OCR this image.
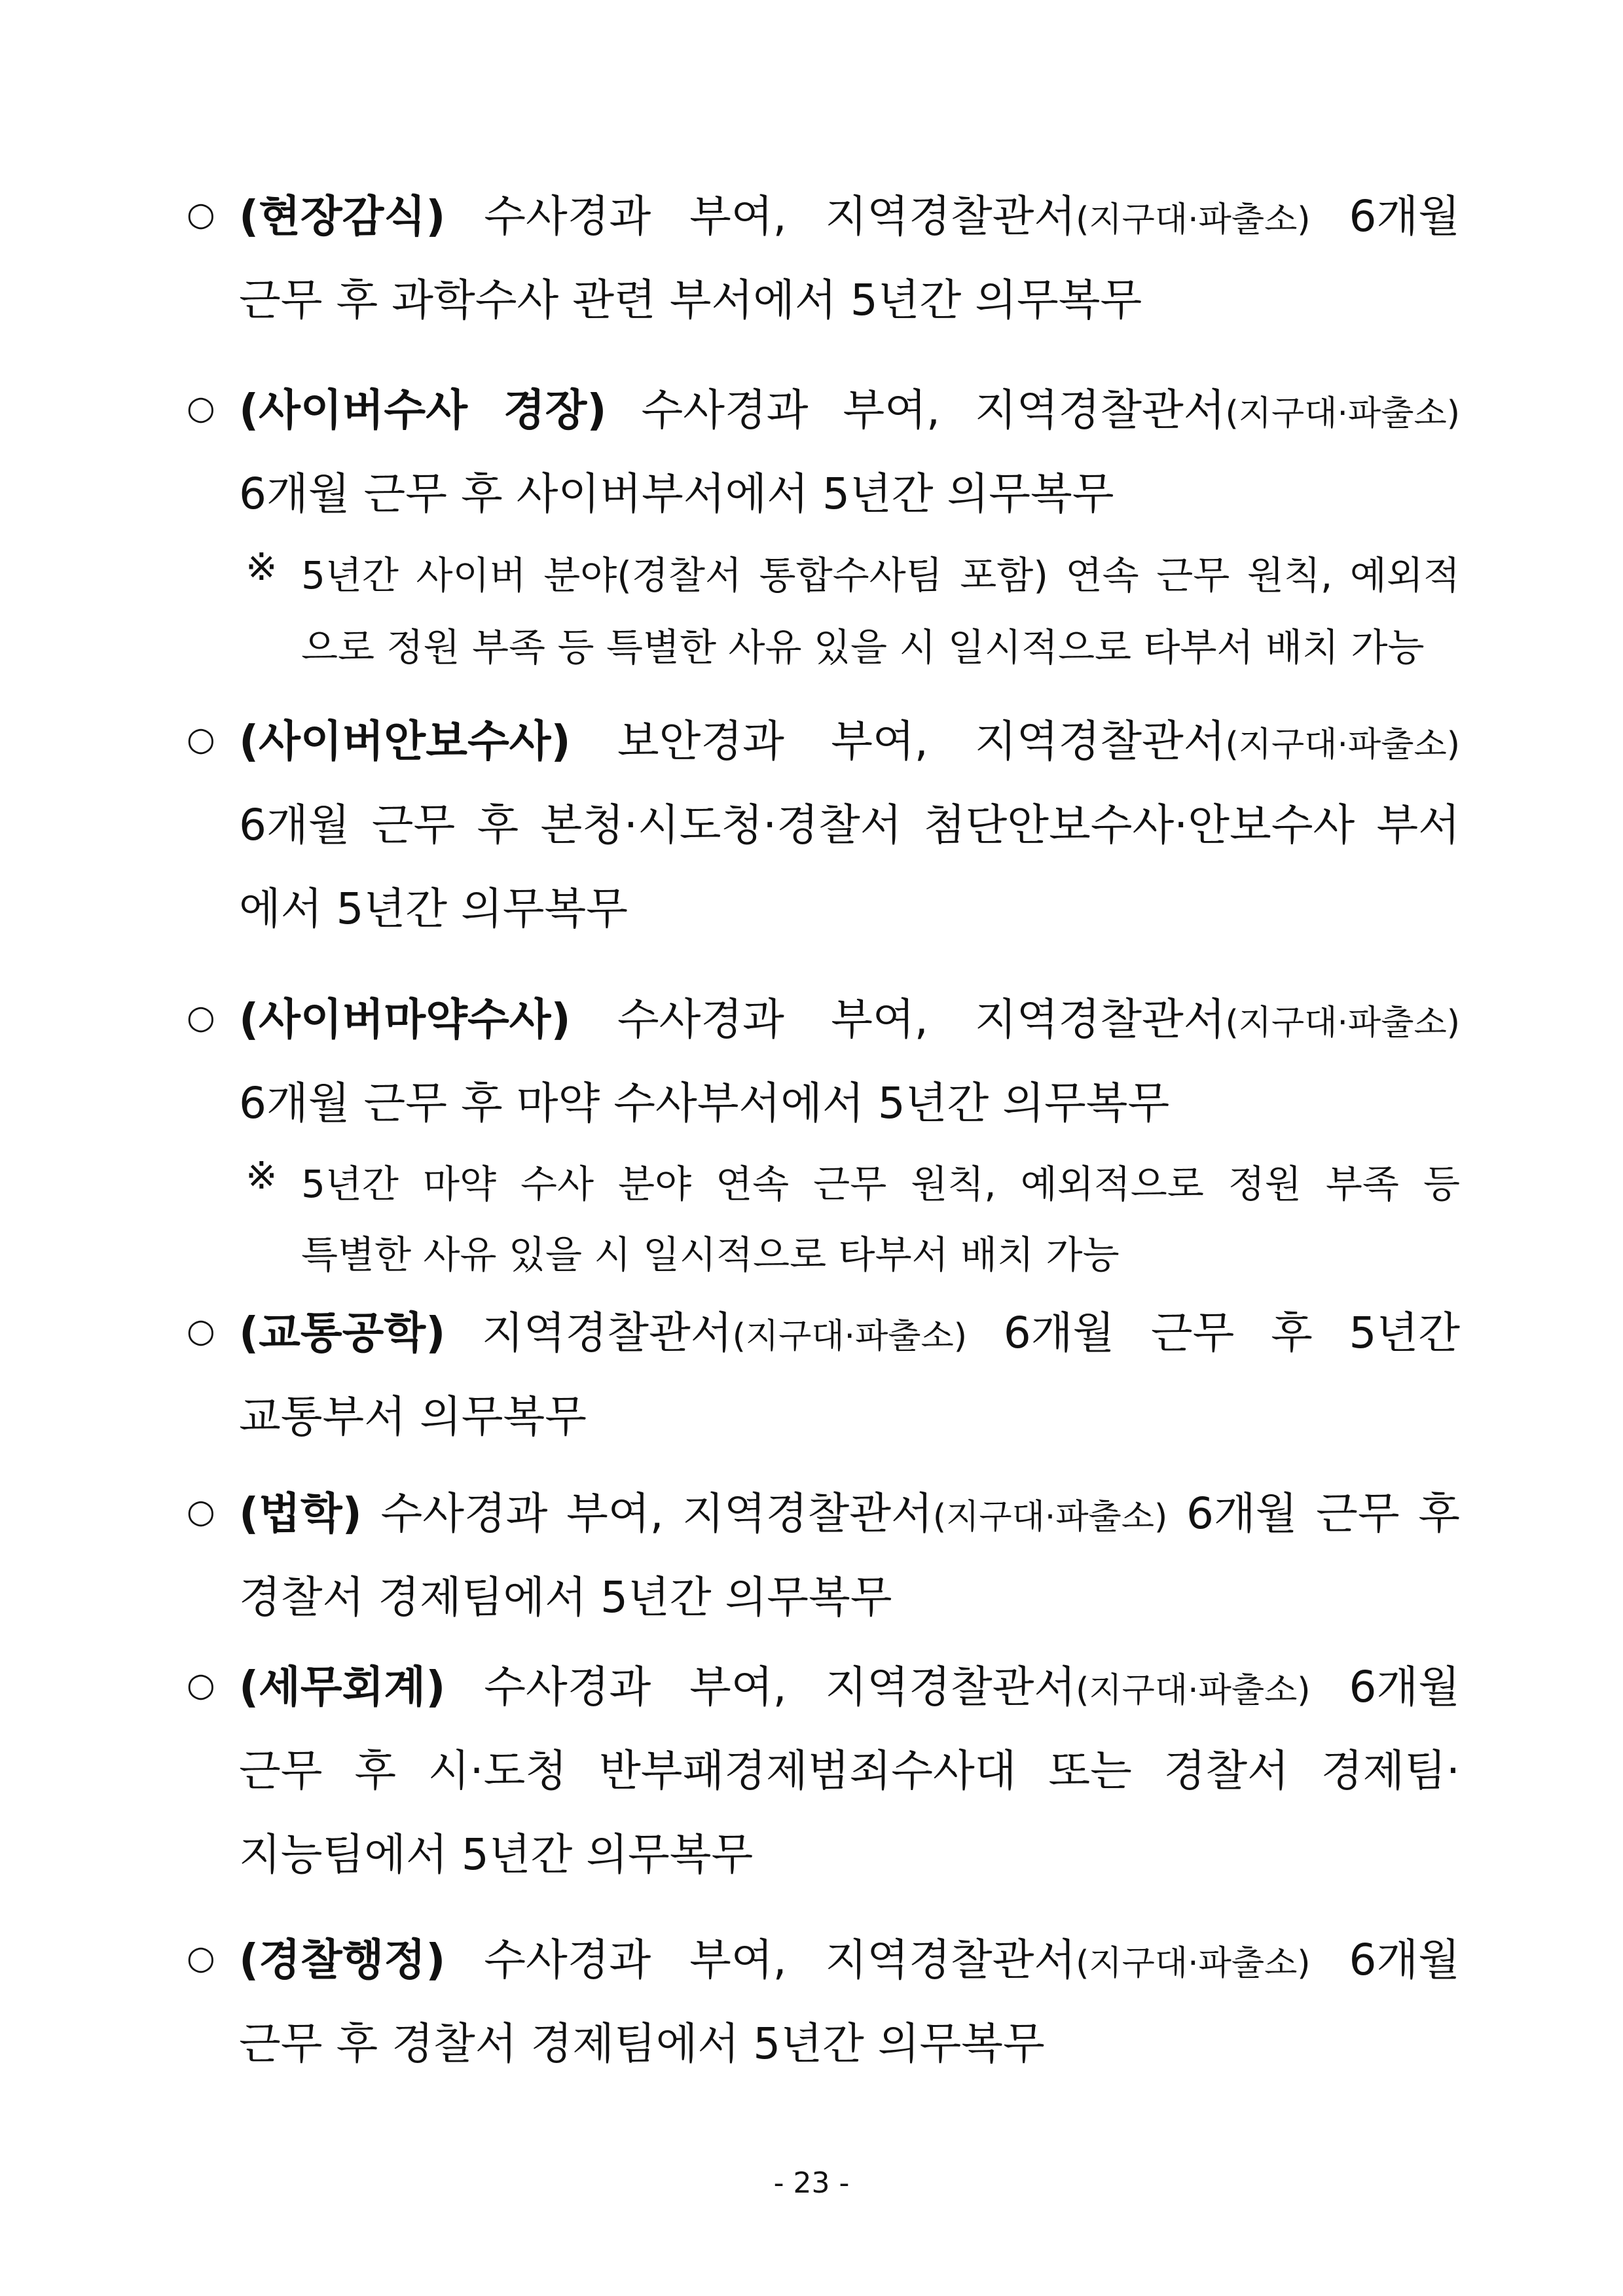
○ (현장감식) 수사경과 부여, 지역경찰관서(지구대·파출소) 6개월
근무 후 과학수사 관련 부서에서 5년간 의무복무
○ (사이버수사 경장) 수사경과 부여, 지역경찰관서(지구대·파출소)
6개월 근무 후 사이버부서에서 5년간 의무복무
※ 5년간 사이버 분야(경찰서 통합수사팀 포함) 연속 근무 원칙, 예외적
으로 정원 부족 등 특별한 사유 있을 시 일시적으로 타부서 배치 가능
○ (사이버안보수사) 보안경과 부여, 지역경찰관서(지구대·파출소)
6개월 근무 후 본청·시도청·경찰서 첨단안보수사·안보수사 부서
에서 5년간 의무복무
○ (사이버마약수사) 수사경과 부여, 지역경찰관서(지구대·파출소)
6개월 근무 후 마약 수사부서에서 5년간 의무복무
※ 5년간 마약 수사 분야 연속 근무 원칙, 예외적으로 정원 부족 등
특별한 사유 있을 시 일시적으로 타부서 배치 가능
○ (교통공학) 지역경찰관서(지구대·파출소) 6개월 근무 후 5년간
교통부서 의무복무
○ (법학) 수사경과 부여, 지역경찰관서(지구대·파출소) 6개월 근무 후
경찰서 경제팀에서 5년간 의무복무
○ (세무회계) 수사경과 부여, 지역경찰관서(지구대·파출소) 6개월
근무 후 시·도청 반부패경제범죄수사대 또는 경찰서 경제팀·
지능팀에서 5년간 의무복무
○ (경찰행정) 수사경과 부여, 지역경찰관서(지구대·파출소) 6개월
근무 후 경찰서 경제팀에서 5년간 의무복무
- 23 -
